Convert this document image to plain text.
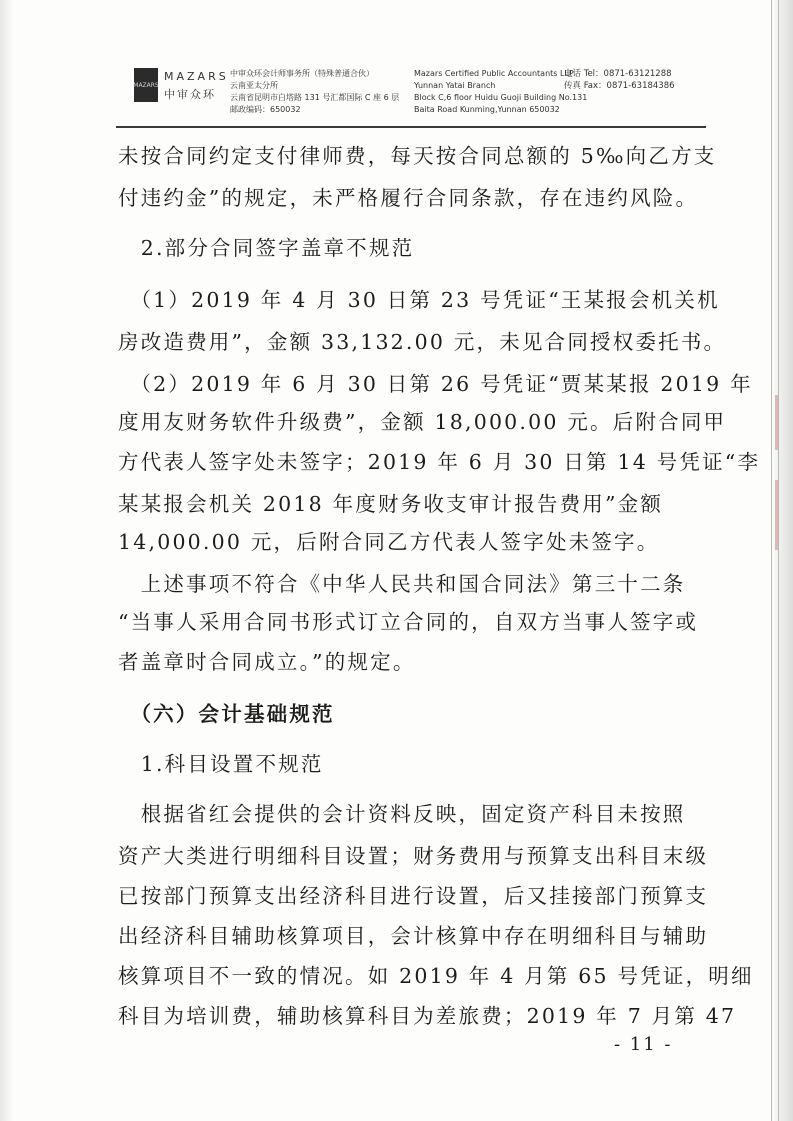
MAZARS
MAZARS
中审众环
中审众环会计师事务所（特殊普通合伙）
云南亚太分所
云南省昆明市白塔路 131 号汇都国际 C 座 6 层
邮政编码：650032
Mazars Certified Public Accountants LLP
Yunnan Yatai Branch
Block C,6 floor Huidu Guoji Building No.131
Baita Road Kunming,Yunnan 650032
电话 Tel：0871-63121288
传真 Fax：0871-63184386

未按合同约定支付律师费，每天按合同总额的 5‰向乙方支

付违约金”的规定，未严格履行合同条款，存在违约风险。

　2.部分合同签字盖章不规范

　（1）2019 年 4 月 30 日第 23 号凭证“王某报会机关机

房改造费用”，金额 33,132.00 元，未见合同授权委托书。

　（2）2019 年 6 月 30 日第 26 号凭证“贾某某报 2019 年

度用友财务软件升级费”，金额 18,000.00 元。后附合同甲

方代表人签字处未签字；2019 年 6 月 30 日第 14 号凭证“李

某某报会机关 2018 年度财务收支审计报告费用”金额

14,000.00 元，后附合同乙方代表人签字处未签字。

　上述事项不符合《中华人民共和国合同法》第三十二条

“当事人采用合同书形式订立合同的，自双方当事人签字或

者盖章时合同成立。”的规定。

　（六）会计基础规范

　1.科目设置不规范

　根据省红会提供的会计资料反映，固定资产科目未按照

资产大类进行明细科目设置；财务费用与预算支出科目末级

已按部门预算支出经济科目进行设置，后又挂接部门预算支

出经济科目辅助核算项目，会计核算中存在明细科目与辅助

核算项目不一致的情况。如 2019 年 4 月第 65 号凭证，明细

科目为培训费，辅助核算科目为差旅费；2019 年 7 月第 47

- 11 -
